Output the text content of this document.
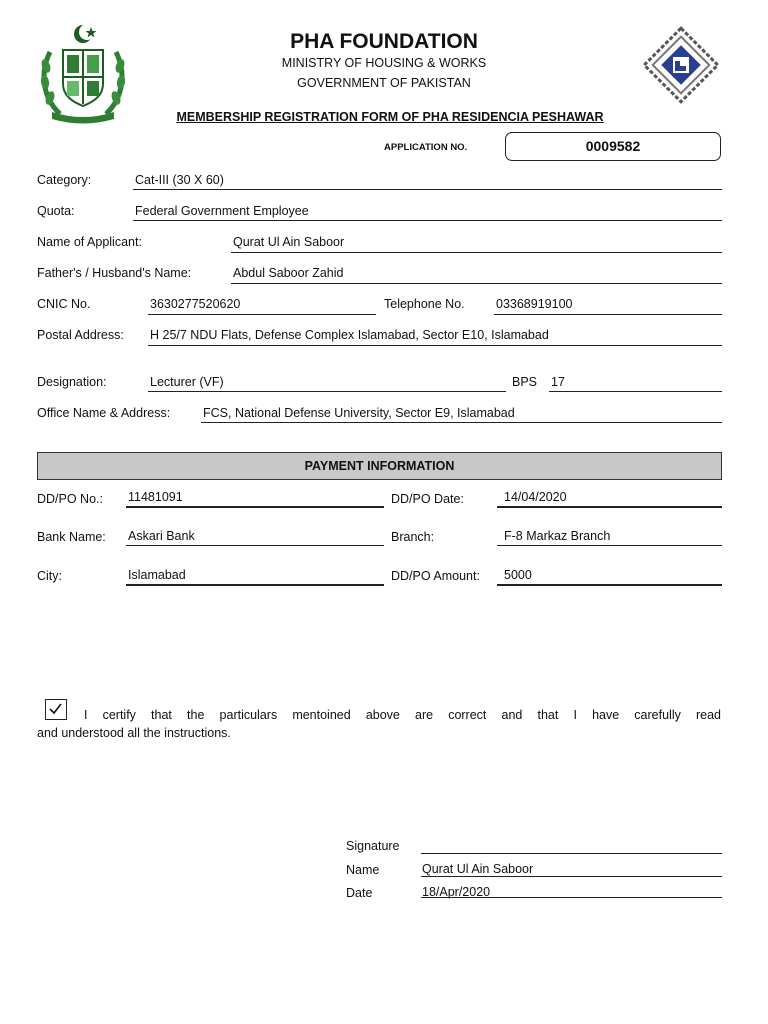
PHA FOUNDATION
MINISTRY OF HOUSING & WORKS
GOVERNMENT OF PAKISTAN
MEMBERSHIP REGISTRATION FORM OF PHA RESIDENCIA PESHAWAR
APPLICATION NO.	0009582
Category:	Cat-III (30 X 60)
Quota:	Federal Government Employee
Name of Applicant:	Qurat Ul Ain Saboor
Father's / Husband's Name:	Abdul Saboor Zahid
CNIC No.	3630277520620	Telephone No.	03368919100
Postal Address: H 25/7 NDU Flats, Defense Complex Islamabad, Sector E10, Islamabad
Designation:	Lecturer (VF)	BPS 17
Office Name & Address:	FCS, National Defense University, Sector E9, Islamabad
PAYMENT INFORMATION
DD/PO No.: 11481091	DD/PO Date:	14/04/2020
Bank Name: Askari Bank	Branch:	F-8 Markaz Branch
City:	Islamabad	DD/PO Amount: 5000
I certify that the particulars mentoined above are correct and that I have carefully read
and understood all the instructions.
Signature
Name	Qurat Ul Ain Saboor
Date	18/Apr/2020
